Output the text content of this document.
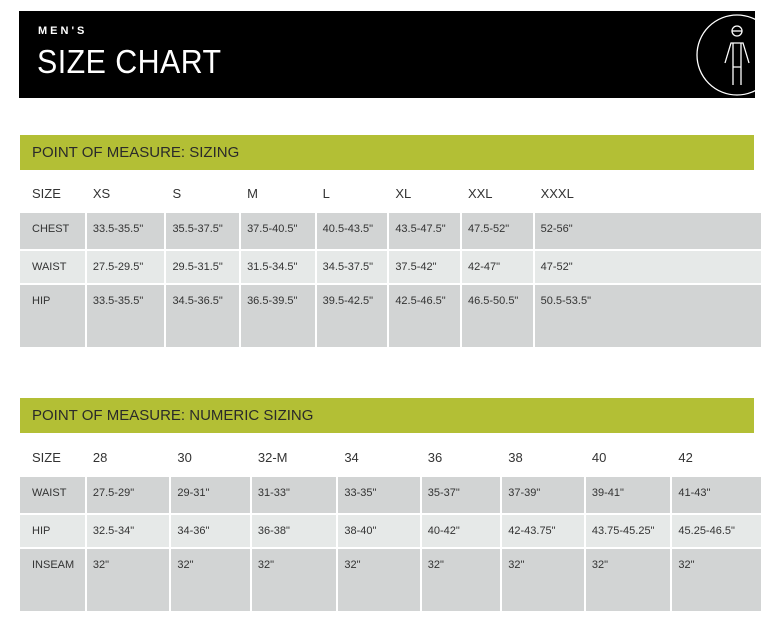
MEN'S
SIZE CHART
POINT OF MEASURE: SIZING
SIZE	XS	S	M	L	XL	XXL	XXXL
CHEST	33.5-35.5"	35.5-37.5"	37.5-40.5"	40.5-43.5"	43.5-47.5"	47.5-52"	52-56"
WAIST	27.5-29.5"	29.5-31.5"	31.5-34.5"	34.5-37.5"	37.5-42"	42-47"	47-52"
HIP	33.5-35.5"	34.5-36.5"	36.5-39.5"	39.5-42.5"	42.5-46.5"	46.5-50.5"	50.5-53.5"
POINT OF MEASURE: NUMERIC SIZING
SIZE	28	30	32-M	34	36	38	40	42
WAIST	27.5-29"	29-31"	31-33"	33-35"	35-37"	37-39"	39-41"	41-43"
HIP	32.5-34"	34-36"	36-38"	38-40"	40-42"	42-43.75"	43.75-45.25"	45.25-46.5"
INSEAM	32"	32"	32"	32"	32"	32"	32"	32"
